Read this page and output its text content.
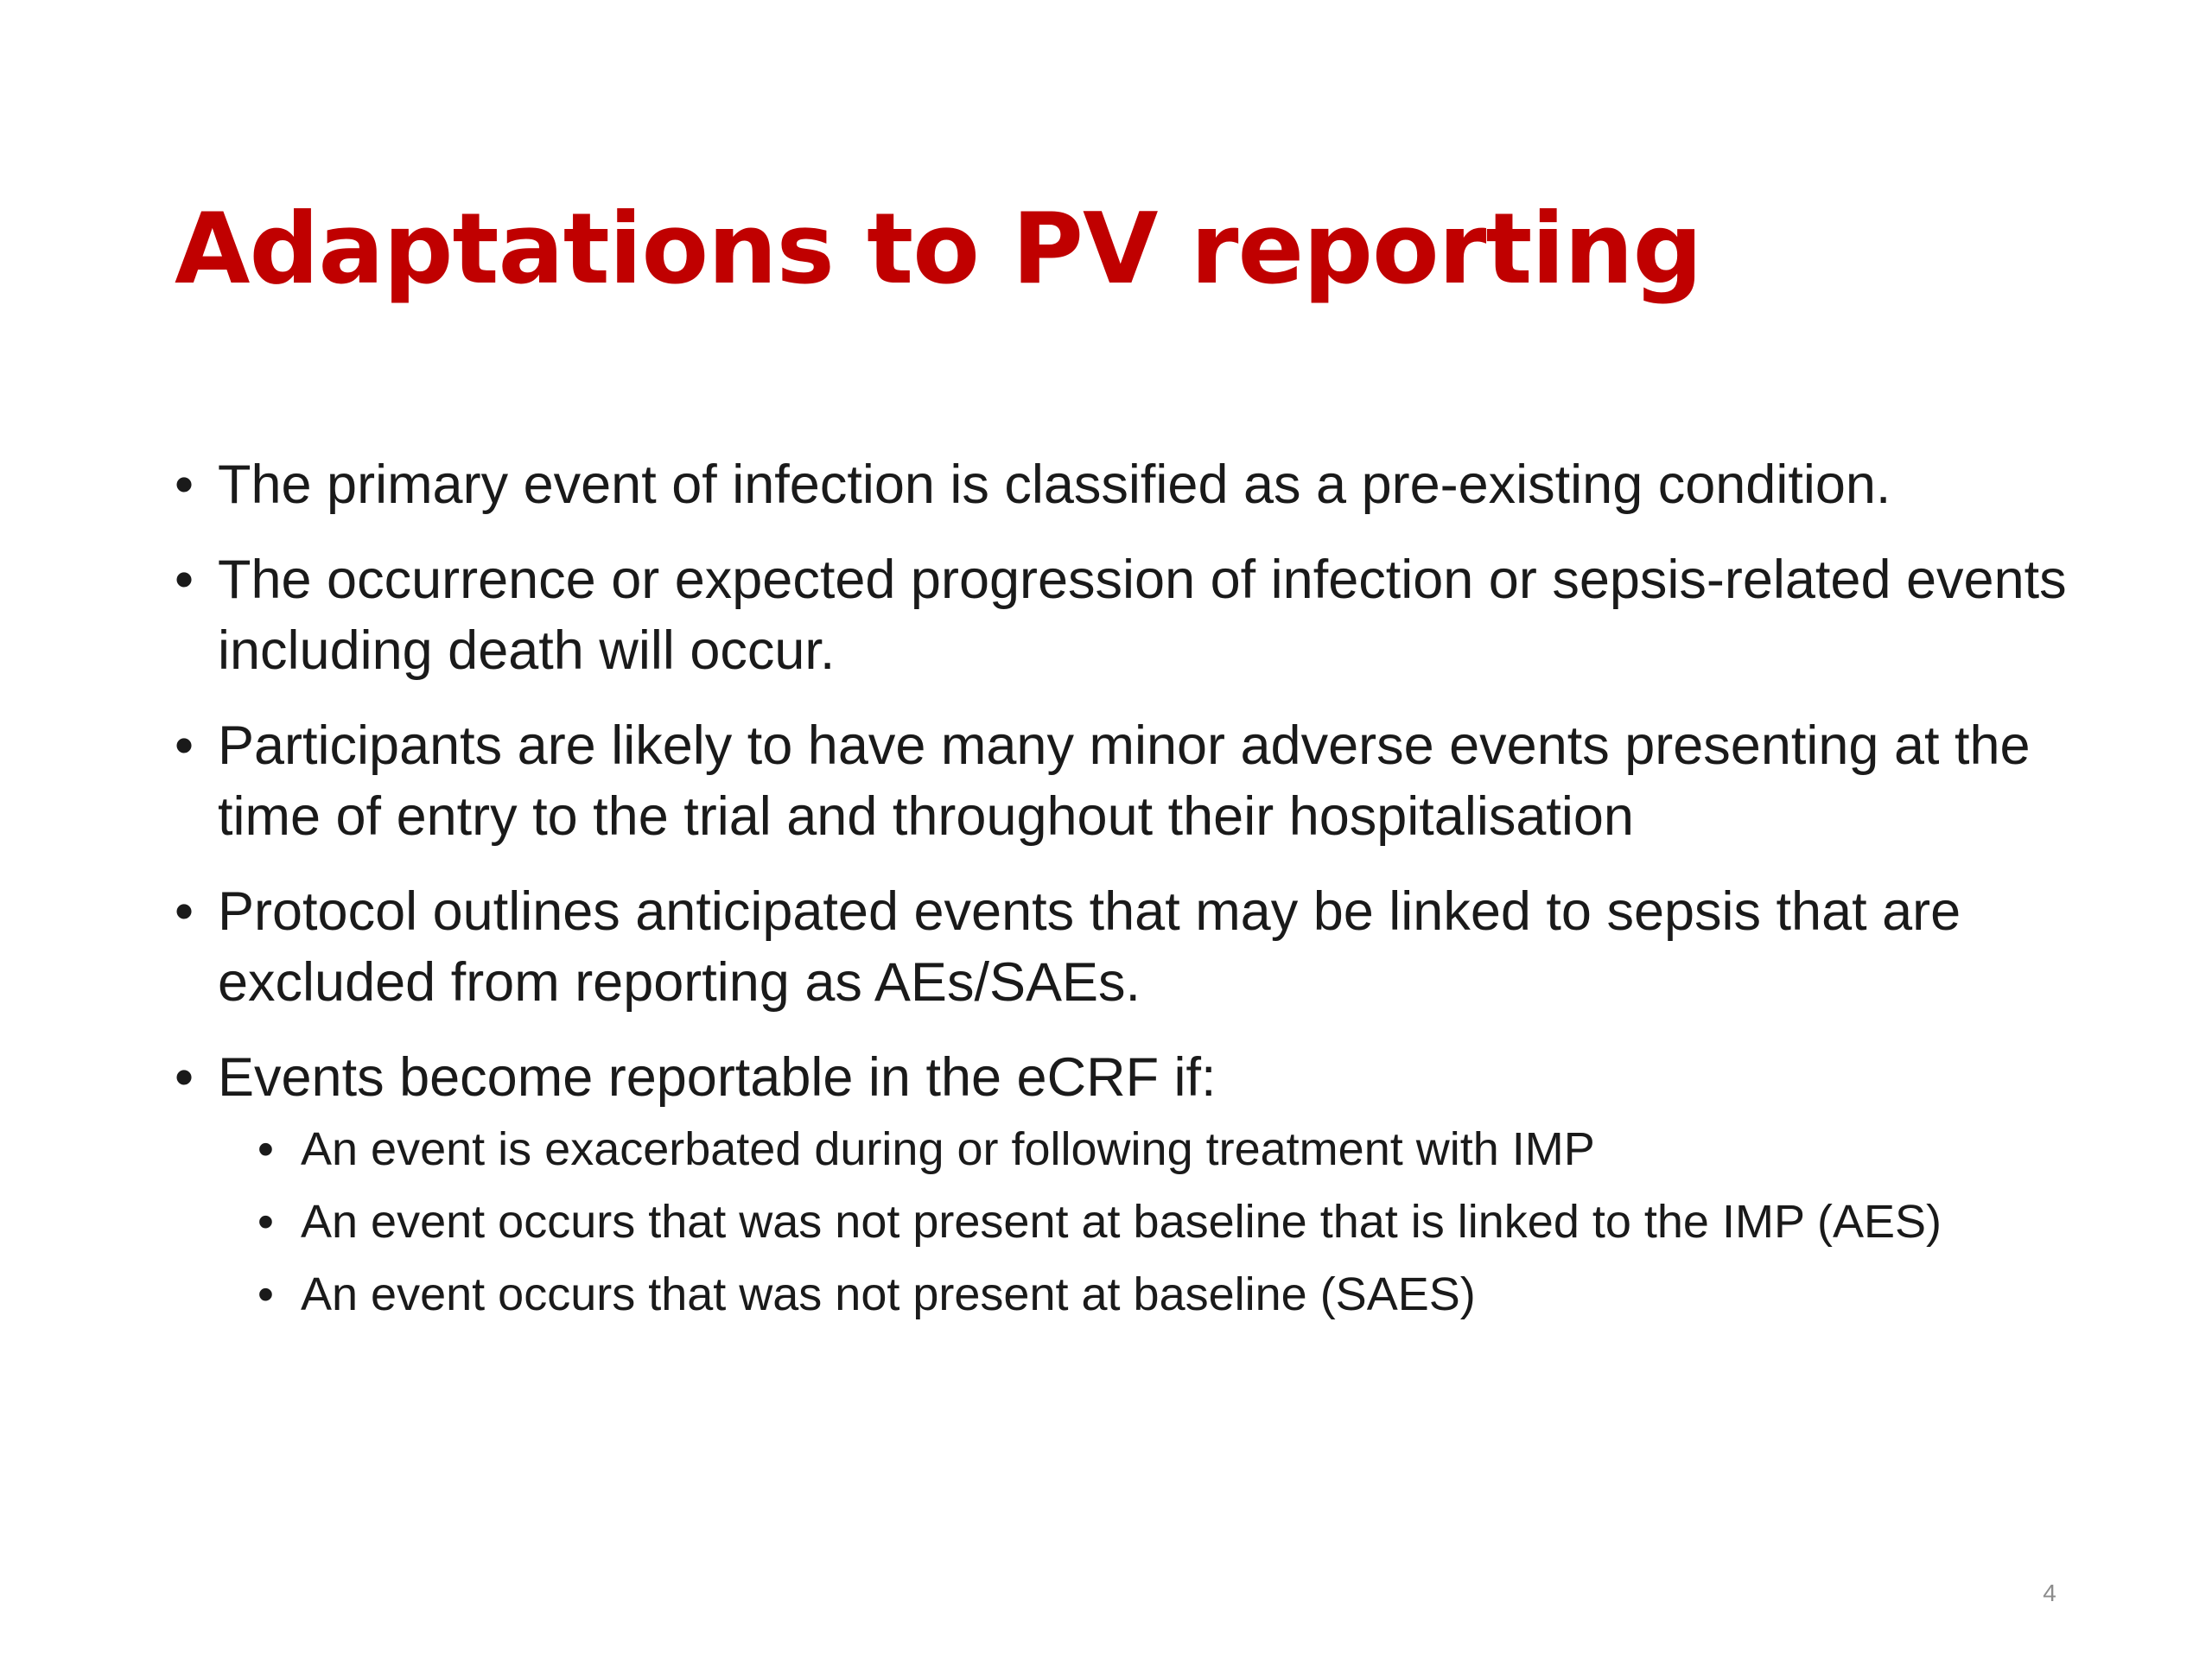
Adaptations to PV reporting
• The primary event of infection is classified as a pre-existing condition.
• The occurrence or expected progression of infection or sepsis-related events including death will occur.
• Participants are likely to have many minor adverse events presenting at the time of entry to the trial and throughout their hospitalisation
• Protocol outlines anticipated events that may be linked to sepsis that are excluded from reporting as AEs/SAEs.
• Events become reportable in the eCRF if:
• An event is exacerbated during or following treatment with IMP
• An event occurs that was not present at baseline that is linked to the IMP (AES)
• An event occurs that was not present at baseline (SAES)
4
